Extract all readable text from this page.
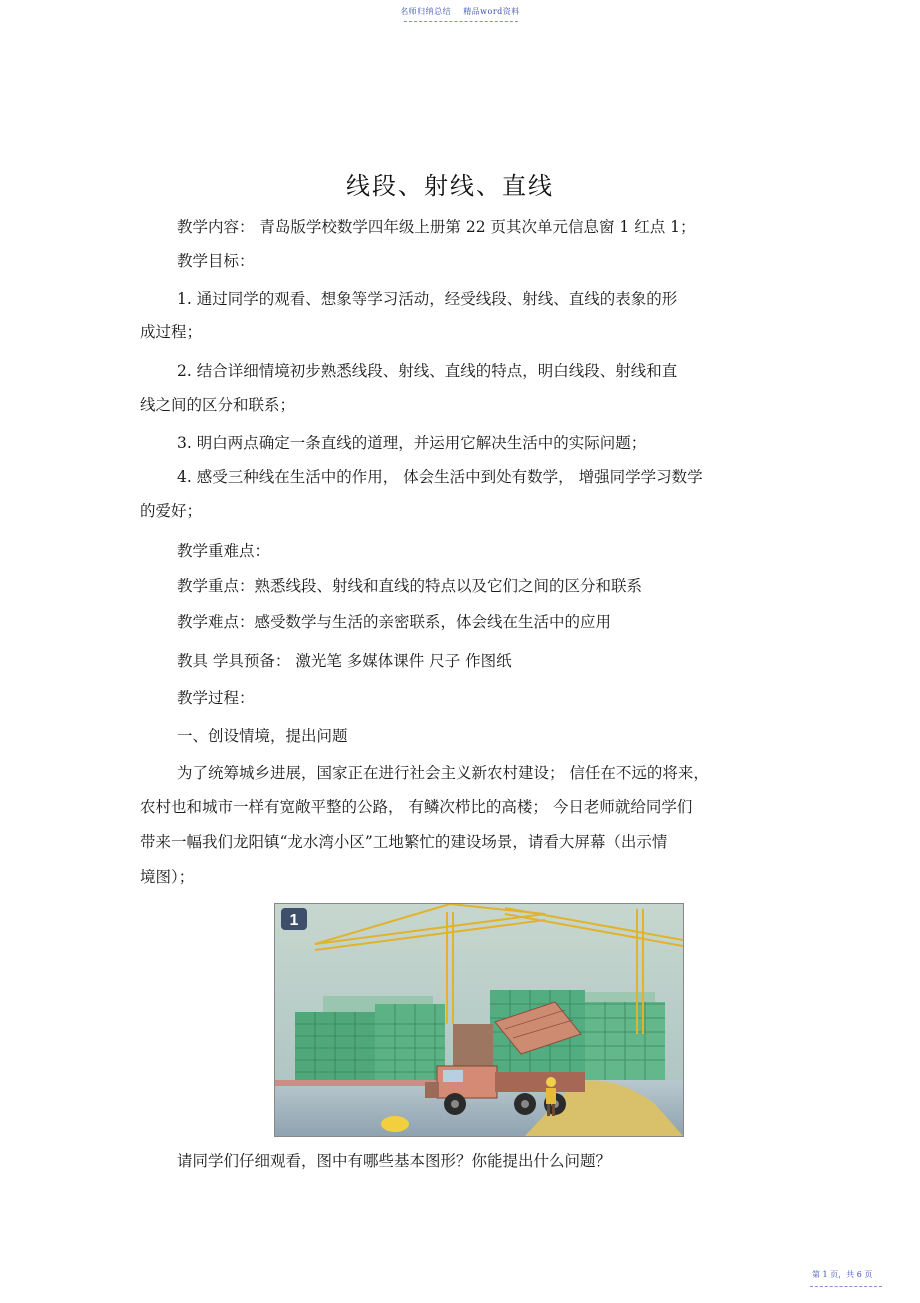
名师归纳总结 精品word资料
线段、射线、直线
教学内容： 青岛版学校数学四年级上册第 22 页其次单元信息窗 1 红点 1；
教学目标：
1. 通过同学的观看、想象等学习活动，经受线段、射线、直线的表象的形
成过程；
2. 结合详细情境初步熟悉线段、射线、直线的特点，明白线段、射线和直
线之间的区分和联系；
3. 明白两点确定一条直线的道理，并运用它解决生活中的实际问题；
4. 感受三种线在生活中的作用， 体会生活中到处有数学， 增强同学学习数学
的爱好；
教学重难点：
教学重点：熟悉线段、射线和直线的特点以及它们之间的区分和联系
教学难点：感受数学与生活的亲密联系，体会线在生活中的应用
教具 学具预备： 激光笔 多媒体课件 尺子 作图纸
教学过程：
一、创设情境，提出问题
为了统筹城乡进展，国家正在进行社会主义新农村建设； 信任在不远的将来，
农村也和城市一样有宽敞平整的公路， 有鳞次栉比的高楼； 今日老师就给同学们
带来一幅我们龙阳镇“龙水湾小区”工地繁忙的建设场景，请看大屏幕（出示情
境图）；
1
请同学们仔细观看，图中有哪些基本图形？你能提出什么问题？
第 1 页，共 6 页
